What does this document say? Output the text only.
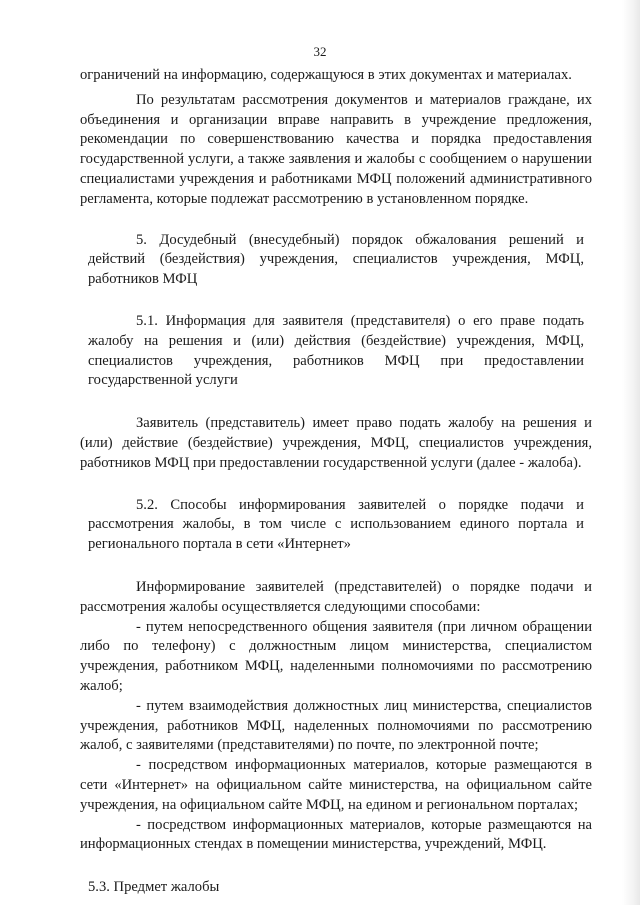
32

ограничений на информацию, содержащуюся в этих документах и материалах.

По результатам рассмотрения документов и материалов граждане, их объединения и организации вправе направить в учреждение предложения, рекомендации по совершенствованию качества и порядка предоставления государственной услуги, а также заявления и жалобы с сообщением о нарушении специалистами учреждения и работниками МФЦ положений административного регламента, которые подлежат рассмотрению в установленном порядке.

5. Досудебный (внесудебный) порядок обжалования решений и действий (бездействия) учреждения, специалистов учреждения, МФЦ, работников МФЦ

5.1. Информация для заявителя (представителя) о его праве подать жалобу на решения и (или) действия (бездействие) учреждения, МФЦ, специалистов учреждения, работников МФЦ при предоставлении государственной услуги

Заявитель (представитель) имеет право подать жалобу на решения и (или) действие (бездействие) учреждения, МФЦ, специалистов учреждения, работников МФЦ при предоставлении государственной услуги (далее - жалоба).

5.2. Способы информирования заявителей о порядке подачи и рассмотрения жалобы, в том числе с использованием единого портала и регионального портала в сети «Интернет»

Информирование заявителей (представителей) о порядке подачи и рассмотрения жалобы осуществляется следующими способами:

- путем непосредственного общения заявителя (при личном обращении либо по телефону) с должностным лицом министерства, специалистом учреждения, работником МФЦ, наделенными полномочиями по рассмотрению жалоб;

- путем взаимодействия должностных лиц министерства, специалистов учреждения, работников МФЦ, наделенных полномочиями по рассмотрению жалоб, с заявителями (представителями) по почте, по электронной почте;

- посредством информационных материалов, которые размещаются в сети «Интернет» на официальном сайте министерства, на официальном сайте учреждения, на официальном сайте МФЦ, на едином и региональном порталах;

- посредством информационных материалов, которые размещаются на информационных стендах в помещении министерства, учреждений, МФЦ.

5.3. Предмет жалобы
